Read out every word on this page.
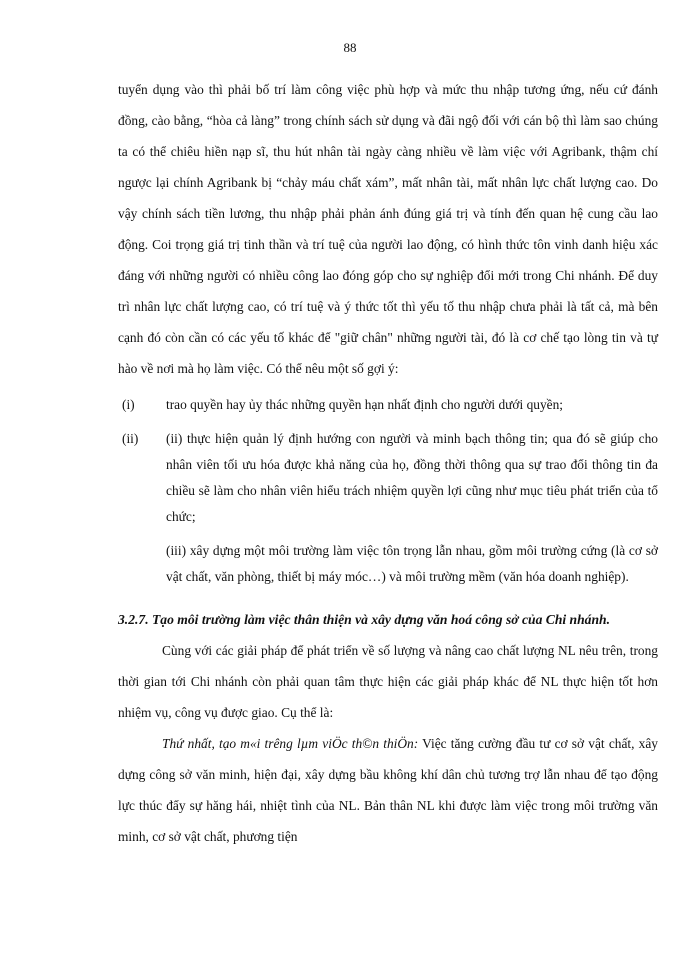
88

tuyển dụng vào thì phải bố trí làm công việc phù hợp và mức thu nhập tương ứng, nếu cứ đánh đồng, cào bằng, “hòa cả làng” trong chính sách sử dụng và đãi ngộ đối với cán bộ thì làm sao chúng ta có thể chiêu hiền nạp sĩ, thu hút nhân tài ngày càng nhiều về làm việc với Agribank, thậm chí ngược lại chính Agribank bị “chảy máu chất xám”, mất nhân tài, mất nhân lực chất lượng cao. Do vậy chính sách tiền lương, thu nhập phải phản ánh đúng giá trị và tính đến quan hệ cung cầu lao động. Coi trọng giá trị tinh thần và trí tuệ của người lao động, có hình thức tôn vinh danh hiệu xác đáng với những người có nhiều công lao đóng góp cho sự nghiệp đổi mới trong Chi nhánh. Để duy trì nhân lực chất lượng cao, có trí tuệ và ý thức tốt thì yếu tố thu nhập chưa phải là tất cả, mà bên cạnh đó còn cần có các yếu tố khác để "giữ chân" những người tài, đó là cơ chế tạo lòng tin và tự hào về nơi mà họ làm việc. Có thể nêu một số gợi ý:

(i)	trao quyền hay ủy thác những quyền hạn nhất định cho người dưới quyền;
(ii)	(ii) thực hiện quản lý định hướng con người và minh bạch thông tin; qua đó sẽ giúp cho nhân viên tối ưu hóa được khả năng của họ, đồng thời thông qua sự trao đổi thông tin đa chiều sẽ làm cho nhân viên hiểu trách nhiệm quyền lợi cũng như mục tiêu phát triển của tổ chức;
(iii) xây dựng một môi trường làm việc tôn trọng lẫn nhau, gồm môi trường cứng (là cơ sở vật chất, văn phòng, thiết bị máy móc…) và môi trường mềm (văn hóa doanh nghiệp).

3.2.7. Tạo môi trường làm việc thân thiện và xây dựng văn hoá công sở của Chi nhánh.

Cùng với các giải pháp để phát triển về số lượng và nâng cao chất lượng NL nêu trên, trong thời gian tới Chi nhánh còn phải quan tâm thực hiện các giải pháp khác để NL thực hiện tốt hơn nhiệm vụ, công vụ được giao. Cụ thể là:

Thứ nhất, tạo m«i trêng lµm viÖc th©n thiÖn: Việc tăng cường đầu tư cơ sở vật chất, xây dựng công sở văn minh, hiện đại, xây dựng bầu không khí dân chủ tương trợ lẫn nhau để tạo động lực thúc đẩy sự hăng hái, nhiệt tình của NL. Bản thân NL khi được làm việc trong môi trường văn minh, cơ sở vật chất, phương tiện
